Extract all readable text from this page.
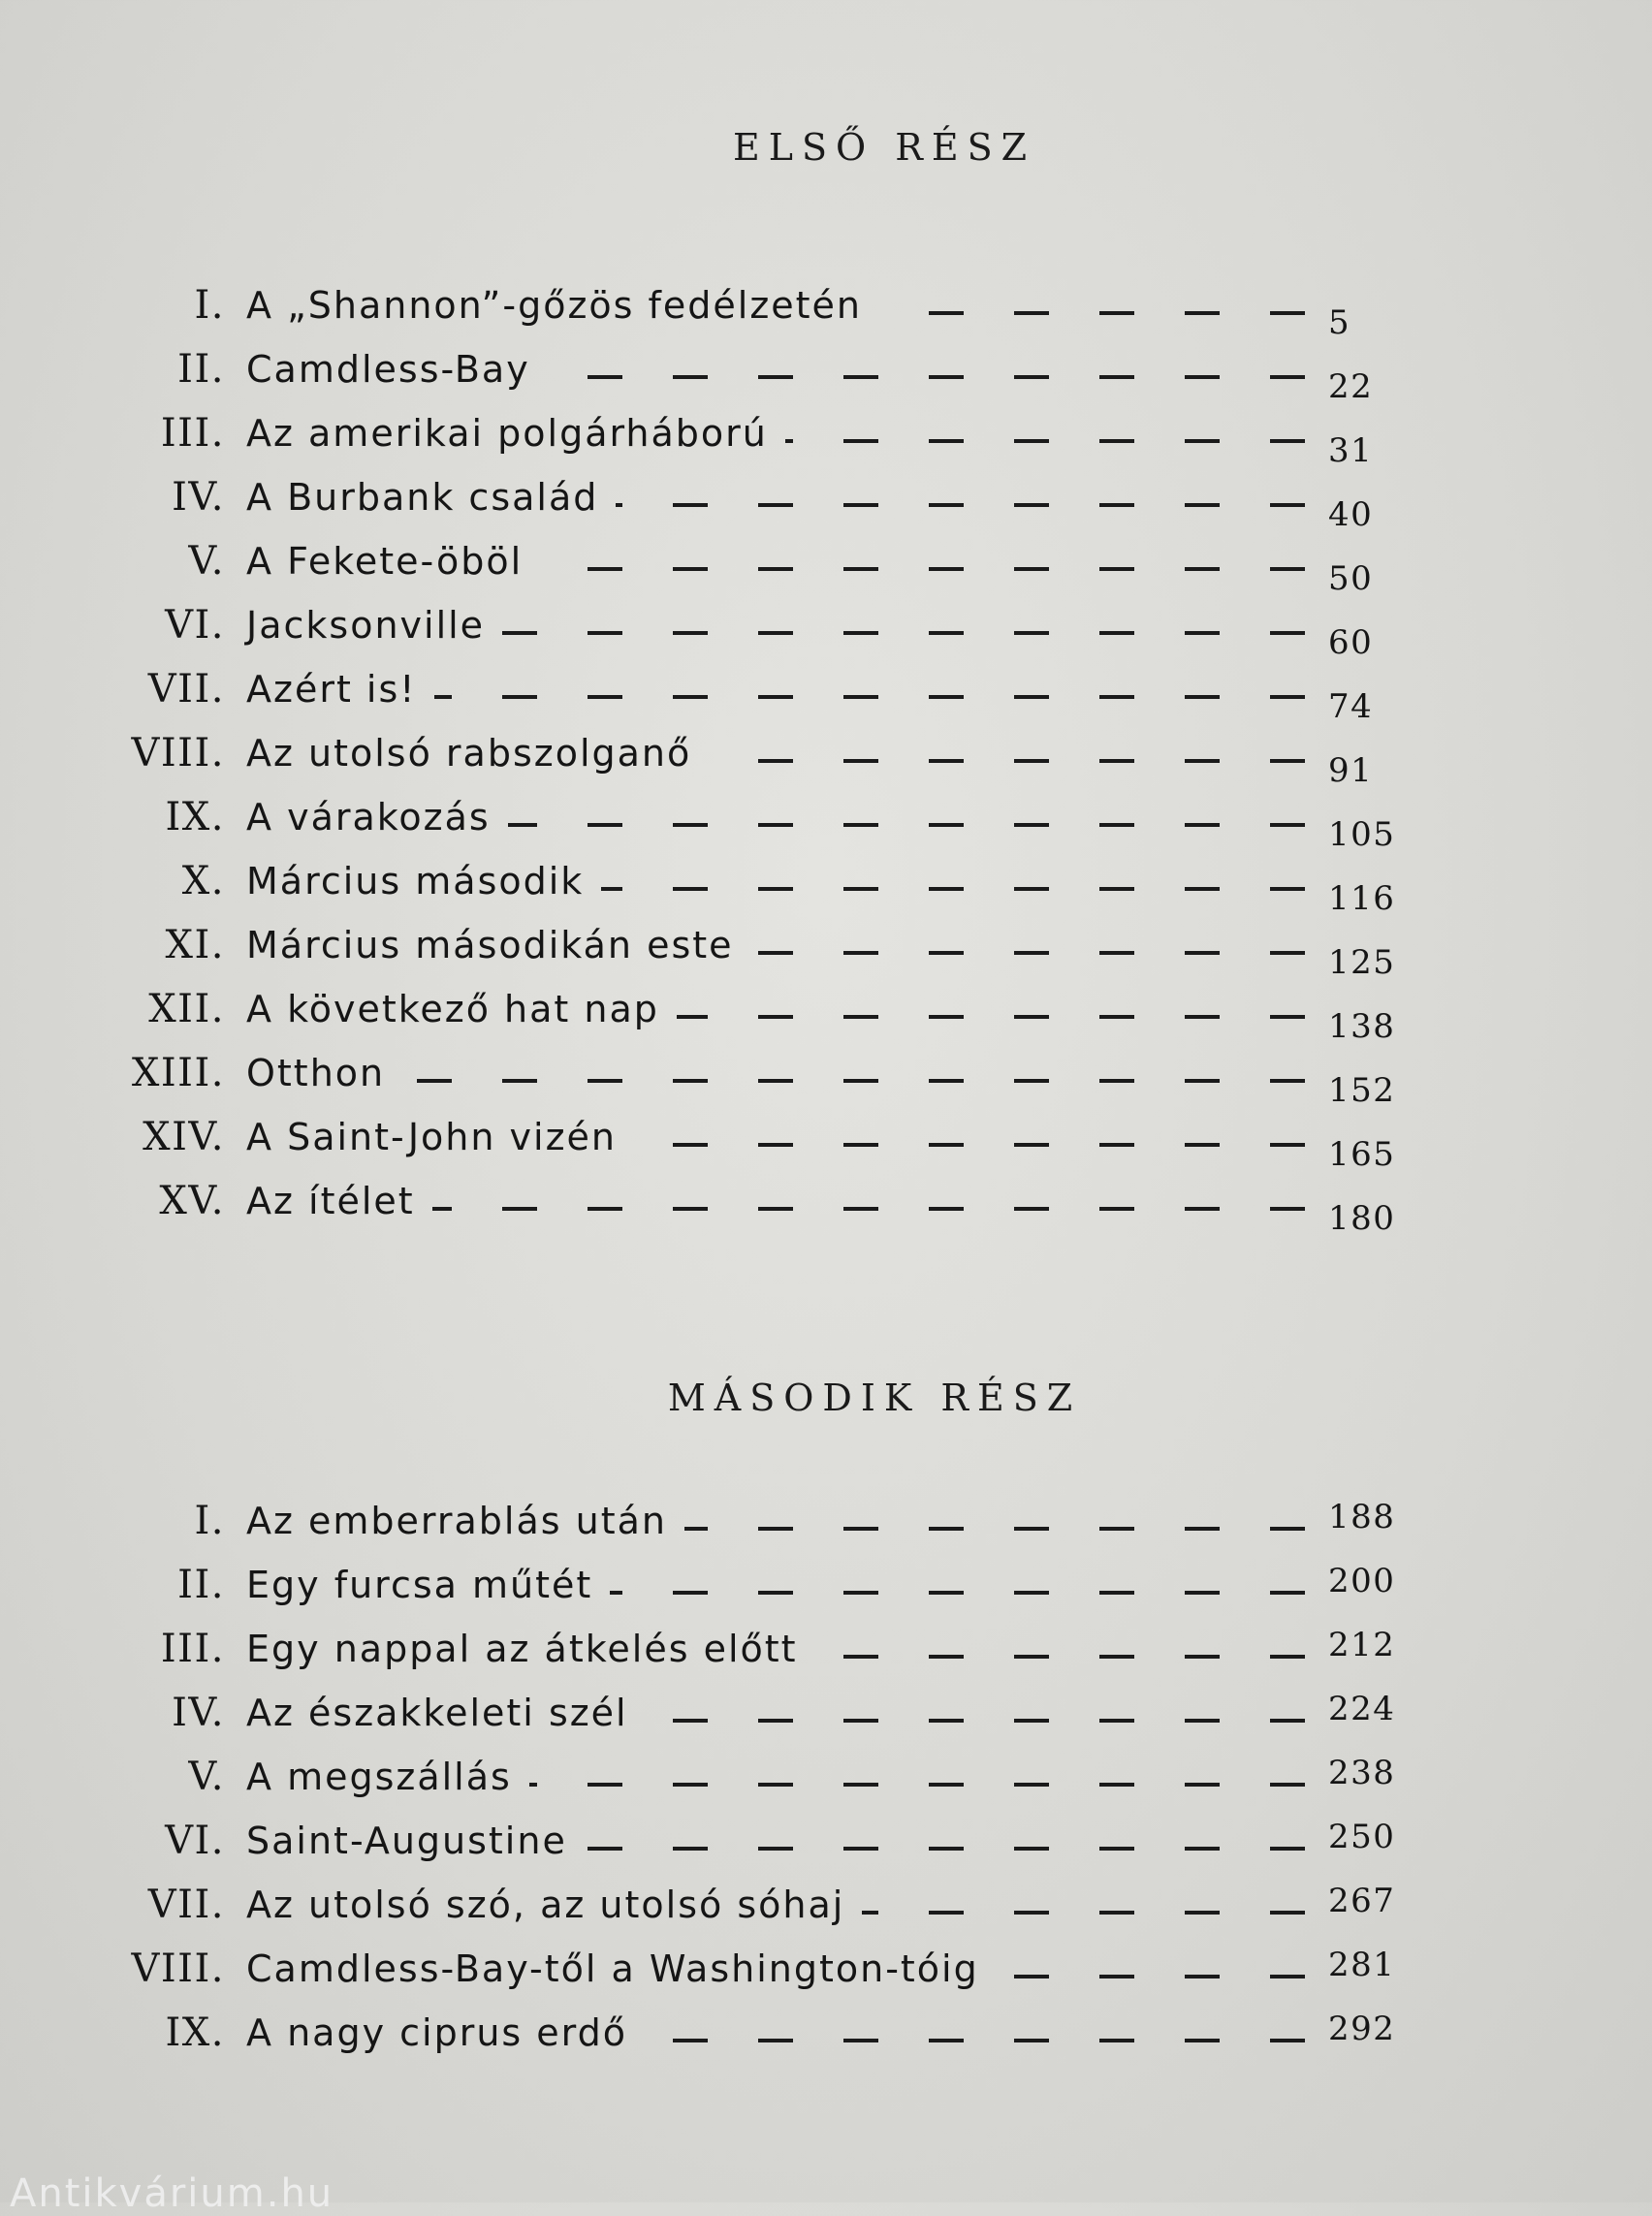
ELSŐ RÉSZ
I. A „Shannon”-gőzös fedélzetén	5
II. Camdless-Bay	22
III. Az amerikai polgárháború	31
IV. A Burbank család	40
V. A Fekete-öböl	50
VI. Jacksonville	60
VII. Azért is!	74
VIII. Az utolsó rabszolganő	91
IX. A várakozás	105
X. Március második	116
XI. Március másodikán este	125
XII. A következő hat nap	138
XIII. Otthon	152
XIV. A Saint-John vizén	165
XV. Az ítélet	180
MÁSODIK RÉSZ
I. Az emberrablás után	188
II. Egy furcsa műtét	200
III. Egy nappal az átkelés előtt	212
IV. Az északkeleti szél	224
V. A megszállás	238
VI. Saint-Augustine	250
VII. Az utolsó szó, az utolsó sóhaj	267
VIII. Camdless-Bay-től a Washington-tóig	281
IX. A nagy ciprus erdő	292
Antikvárium.hu
